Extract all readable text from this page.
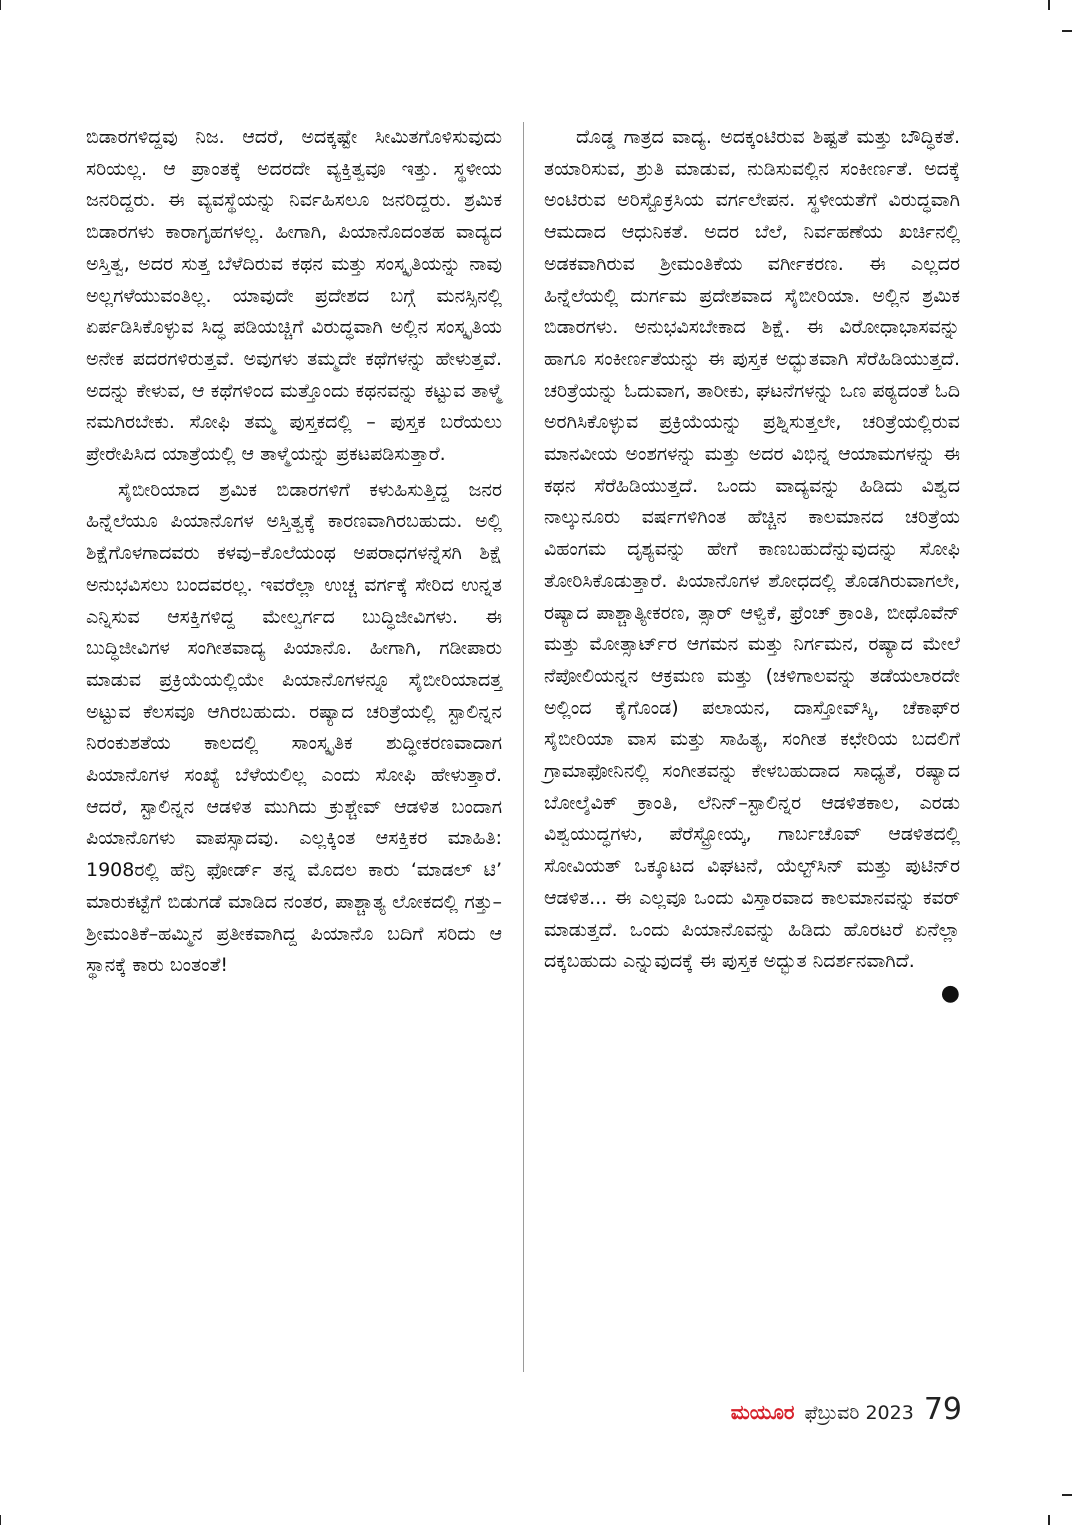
ಬಿಡಾರಗಳಿದ್ದವು ನಿಜ. ಆದರೆ, ಅದಕ್ಕಷ್ಟೇ ಸೀಮಿತಗೊಳಿಸುವುದು ಸರಿಯಲ್ಲ. ಆ ಪ್ರಾಂತಕ್ಕೆ ಅದರದೇ ವ್ಯಕ್ತಿತ್ವವೂ ಇತ್ತು. ಸ್ಥಳೀಯ ಜನರಿದ್ದರು. ಈ ವ್ಯವಸ್ಥೆಯನ್ನು ನಿರ್ವಹಿಸಲೂ ಜನರಿದ್ದರು. ಶ್ರಮಿಕ ಬಿಡಾರಗಳು ಕಾರಾಗೃಹಗಳಲ್ಲ. ಹೀಗಾಗಿ, ಪಿಯಾನೊದಂತಹ ವಾದ್ಯದ ಅಸ್ತಿತ್ವ, ಅದರ ಸುತ್ತ ಬೆಳೆದಿರುವ ಕಥನ ಮತ್ತು ಸಂಸ್ಕೃತಿಯನ್ನು ನಾವು ಅಲ್ಲಗಳೆಯುವಂತಿಲ್ಲ. ಯಾವುದೇ ಪ್ರದೇಶದ ಬಗ್ಗೆ ಮನಸ್ಸಿನಲ್ಲಿ ಏರ್ಪಡಿಸಿಕೊಳ್ಳುವ ಸಿದ್ಧ ಪಡಿಯಚ್ಚಿಗೆ ವಿರುದ್ಧವಾಗಿ ಅಲ್ಲಿನ ಸಂಸ್ಕೃತಿಯ ಅನೇಕ ಪದರಗಳಿರುತ್ತವೆ. ಅವುಗಳು ತಮ್ಮದೇ ಕಥೆಗಳನ್ನು ಹೇಳುತ್ತವೆ. ಅದನ್ನು ಕೇಳುವ, ಆ ಕಥೆಗಳಿಂದ ಮತ್ತೊಂದು ಕಥನವನ್ನು ಕಟ್ಟುವ ತಾಳ್ಮೆ ನಮಗಿರಬೇಕು. ಸೋಫಿ ತಮ್ಮ ಪುಸ್ತಕದಲ್ಲಿ – ಪುಸ್ತಕ ಬರೆಯಲು ಪ್ರೇರೇಪಿಸಿದ ಯಾತ್ರೆಯಲ್ಲಿ ಆ ತಾಳ್ಮೆಯನ್ನು ಪ್ರಕಟಪಡಿಸುತ್ತಾರೆ.

ಸೈಬೀರಿಯಾದ ಶ್ರಮಿಕ ಬಿಡಾರಗಳಿಗೆ ಕಳುಹಿಸುತ್ತಿದ್ದ ಜನರ ಹಿನ್ನೆಲೆಯೂ ಪಿಯಾನೊಗಳ ಅಸ್ತಿತ್ವಕ್ಕೆ ಕಾರಣವಾಗಿರಬಹುದು. ಅಲ್ಲಿ ಶಿಕ್ಷೆಗೊಳಗಾದವರು ಕಳವು–ಕೊಲೆಯಂಥ ಅಪರಾಧಗಳನ್ನೆಸಗಿ ಶಿಕ್ಷೆ ಅನುಭವಿಸಲು ಬಂದವರಲ್ಲ. ಇವರೆಲ್ಲಾ ಉಚ್ಚ ವರ್ಗಕ್ಕೆ ಸೇರಿದ ಉನ್ನತ ಎನ್ನಿಸುವ ಆಸಕ್ತಿಗಳಿದ್ದ ಮೇಲ್ವರ್ಗದ ಬುದ್ಧಿಜೀವಿಗಳು. ಈ ಬುದ್ಧಿಜೀವಿಗಳ ಸಂಗೀತವಾದ್ಯ ಪಿಯಾನೊ. ಹೀಗಾಗಿ, ಗಡೀಪಾರು ಮಾಡುವ ಪ್ರಕ್ರಿಯೆಯಲ್ಲಿಯೇ ಪಿಯಾನೊಗಳನ್ನೂ ಸೈಬೀರಿಯಾದತ್ತ ಅಟ್ಟುವ ಕೆಲಸವೂ ಆಗಿರಬಹುದು. ರಷ್ಯಾದ ಚರಿತ್ರೆಯಲ್ಲಿ ಸ್ಟಾಲಿನ್ನನ ನಿರಂಕುಶತೆಯ ಕಾಲದಲ್ಲಿ ಸಾಂಸ್ಕೃತಿಕ ಶುದ್ಧೀಕರಣವಾದಾಗ ಪಿಯಾನೊಗಳ ಸಂಖ್ಯೆ ಬೆಳೆಯಲಿಲ್ಲ ಎಂದು ಸೋಫಿ ಹೇಳುತ್ತಾರೆ. ಆದರೆ, ಸ್ಟಾಲಿನ್ನನ ಆಡಳಿತ ಮುಗಿದು ಕ್ರುಶ್ಚೇವ್ ಆಡಳಿತ ಬಂದಾಗ ಪಿಯಾನೊಗಳು ವಾಪಸ್ಸಾದವು. ಎಲ್ಲಕ್ಕಿಂತ ಆಸಕ್ತಿಕರ ಮಾಹಿತಿ: 1908ರಲ್ಲಿ ಹೆನ್ರಿ ಫೋರ್ಡ್ ತನ್ನ ಮೊದಲ ಕಾರು ‘ಮಾಡಲ್ ಟಿ’ ಮಾರುಕಟ್ಟೆಗೆ ಬಿಡುಗಡೆ ಮಾಡಿದ ನಂತರ, ಪಾಶ್ಚಾತ್ಯ ಲೋಕದಲ್ಲಿ ಗತ್ತು–ಶ್ರೀಮಂತಿಕೆ–ಹಮ್ಮಿನ ಪ್ರತೀಕವಾಗಿದ್ದ ಪಿಯಾನೊ ಬದಿಗೆ ಸರಿದು ಆ ಸ್ಥಾನಕ್ಕೆ ಕಾರು ಬಂತಂತೆ!

ದೊಡ್ಡ ಗಾತ್ರದ ವಾದ್ಯ. ಅದಕ್ಕಂಟಿರುವ ಶಿಷ್ಟತೆ ಮತ್ತು ಬೌದ್ಧಿಕತೆ. ತಯಾರಿಸುವ, ಶ್ರುತಿ ಮಾಡುವ, ನುಡಿಸುವಲ್ಲಿನ ಸಂಕೀರ್ಣತೆ. ಅದಕ್ಕೆ ಅಂಟಿರುವ ಅರಿಸ್ಟೊಕ್ರಸಿಯ ವರ್ಗಲೇಪನ. ಸ್ಥಳೀಯತೆಗೆ ವಿರುದ್ಧವಾಗಿ ಆಮದಾದ ಆಧುನಿಕತೆ. ಅದರ ಬೆಲೆ, ನಿರ್ವಹಣೆಯ ಖರ್ಚಿನಲ್ಲಿ ಅಡಕವಾಗಿರುವ ಶ್ರೀಮಂತಿಕೆಯ ವರ್ಗೀಕರಣ. ಈ ಎಲ್ಲದರ ಹಿನ್ನೆಲೆಯಲ್ಲಿ ದುರ್ಗಮ ಪ್ರದೇಶವಾದ ಸೈಬೀರಿಯಾ. ಅಲ್ಲಿನ ಶ್ರಮಿಕ ಬಿಡಾರಗಳು. ಅನುಭವಿಸಬೇಕಾದ ಶಿಕ್ಷೆ. ಈ ವಿರೋಧಾಭಾಸವನ್ನು ಹಾಗೂ ಸಂಕೀರ್ಣತೆಯನ್ನು ಈ ಪುಸ್ತಕ ಅದ್ಭುತವಾಗಿ ಸೆರೆಹಿಡಿಯುತ್ತದೆ. ಚರಿತ್ರೆಯನ್ನು ಓದುವಾಗ, ತಾರೀಕು, ಘಟನೆಗಳನ್ನು ಒಣ ಪಠ್ಯದಂತೆ ಓದಿ ಅರಗಿಸಿಕೊಳ್ಳುವ ಪ್ರಕ್ರಿಯೆಯನ್ನು ಪ್ರಶ್ನಿಸುತ್ತಲೇ, ಚರಿತ್ರೆಯಲ್ಲಿರುವ ಮಾನವೀಯ ಅಂಶಗಳನ್ನು ಮತ್ತು ಅದರ ವಿಭಿನ್ನ ಆಯಾಮಗಳನ್ನು ಈ ಕಥನ ಸೆರೆಹಿಡಿಯುತ್ತದೆ. ಒಂದು ವಾದ್ಯವನ್ನು ಹಿಡಿದು ವಿಶ್ವದ ನಾಲ್ಕುನೂರು ವರ್ಷಗಳಿಗಿಂತ ಹೆಚ್ಚಿನ ಕಾಲಮಾನದ ಚರಿತ್ರೆಯ ವಿಹಂಗಮ ದೃಶ್ಯವನ್ನು ಹೇಗೆ ಕಾಣಬಹುದೆನ್ನುವುದನ್ನು ಸೋಫಿ ತೋರಿಸಿಕೊಡುತ್ತಾರೆ. ಪಿಯಾನೊಗಳ ಶೋಧದಲ್ಲಿ ತೊಡಗಿರುವಾಗಲೇ, ರಷ್ಯಾದ ಪಾಶ್ಚಾತ್ಯೀಕರಣ, ತ್ಸಾರ್ ಆಳ್ವಿಕೆ, ಫ್ರೆಂಚ್ ಕ್ರಾಂತಿ, ಬೀಥೊವೆನ್ ಮತ್ತು ಮೋತ್ಸಾರ್ಟ್‌ರ ಆಗಮನ ಮತ್ತು ನಿರ್ಗಮನ, ರಷ್ಯಾದ ಮೇಲೆ ನೆಪೋಲಿಯನ್ನನ ಆಕ್ರಮಣ ಮತ್ತು (ಚಳಿಗಾಲವನ್ನು ತಡೆಯಲಾರದೇ ಅಲ್ಲಿಂದ ಕೈಗೊಂಡ) ಪಲಾಯನ, ದಾಸ್ತೋವ್‌ಸ್ಕಿ, ಚೆಕಾಫ್‌ರ ಸೈಬೀರಿಯಾ ವಾಸ ಮತ್ತು ಸಾಹಿತ್ಯ, ಸಂಗೀತ ಕಛೇರಿಯ ಬದಲಿಗೆ ಗ್ರಾಮಾಫೋನಿನಲ್ಲಿ ಸಂಗೀತವನ್ನು ಕೇಳಬಹುದಾದ ಸಾಧ್ಯತೆ, ರಷ್ಯಾದ ಬೋಲ್ಶೆವಿಕ್ ಕ್ರಾಂತಿ, ಲೆನಿನ್–ಸ್ಟಾಲಿನ್ನರ ಆಡಳಿತಕಾಲ, ಎರಡು ವಿಶ್ವಯುದ್ಧಗಳು, ಪೆರೆಸ್ಟ್ರೋಯ್ಕ, ಗಾರ್ಬಚೊವ್ ಆಡಳಿತದಲ್ಲಿ ಸೋವಿಯತ್ ಒಕ್ಕೂಟದ ವಿಘಟನೆ, ಯೆಲ್ಟ್‌ಸಿನ್ ಮತ್ತು ಪುಟಿನ್‌ರ ಆಡಳಿತ... ಈ ಎಲ್ಲವೂ ಒಂದು ವಿಸ್ತಾರವಾದ ಕಾಲಮಾನವನ್ನು ಕವರ್ ಮಾಡುತ್ತದೆ. ಒಂದು ಪಿಯಾನೊವನ್ನು ಹಿಡಿದು ಹೊರಟರೆ ಏನೆಲ್ಲಾ ದಕ್ಕಬಹುದು ಎನ್ನುವುದಕ್ಕೆ ಈ ಪುಸ್ತಕ ಅದ್ಭುತ ನಿದರ್ಶನವಾಗಿದೆ.
●

ಮಯೂರ ಫೆಬ್ರುವರಿ 2023 79
